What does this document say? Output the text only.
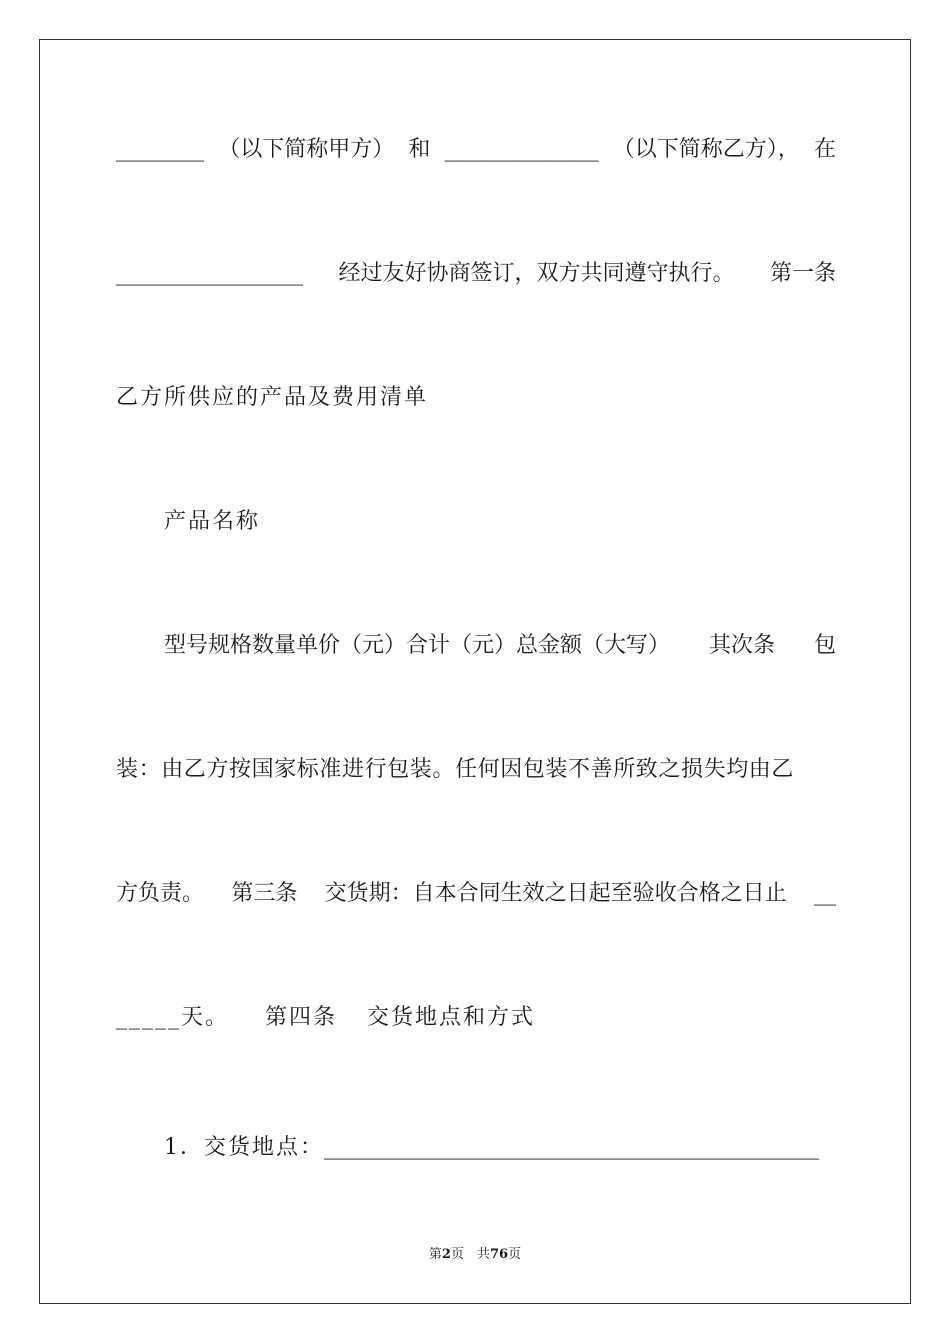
________ （以下简称甲方） 和 ______________ （以下简称乙方）， 在
_________________ 经过友好协商签订，双方共同遵守执行。 第一条
乙方所供应的产品及费用清单
产品名称
型号规格数量单价（元）合计（元）总金额（大写） 其次条 包
装：由乙方按国家标准进行包装。任何因包装不善所致之损失均由乙
方负责。 第三条 交货期：自本合同生效之日起至验收合格之日止 __
_____天。 第四条 交货地点和方式
1．交货地点： _____________________________________________
第2页　共76页
